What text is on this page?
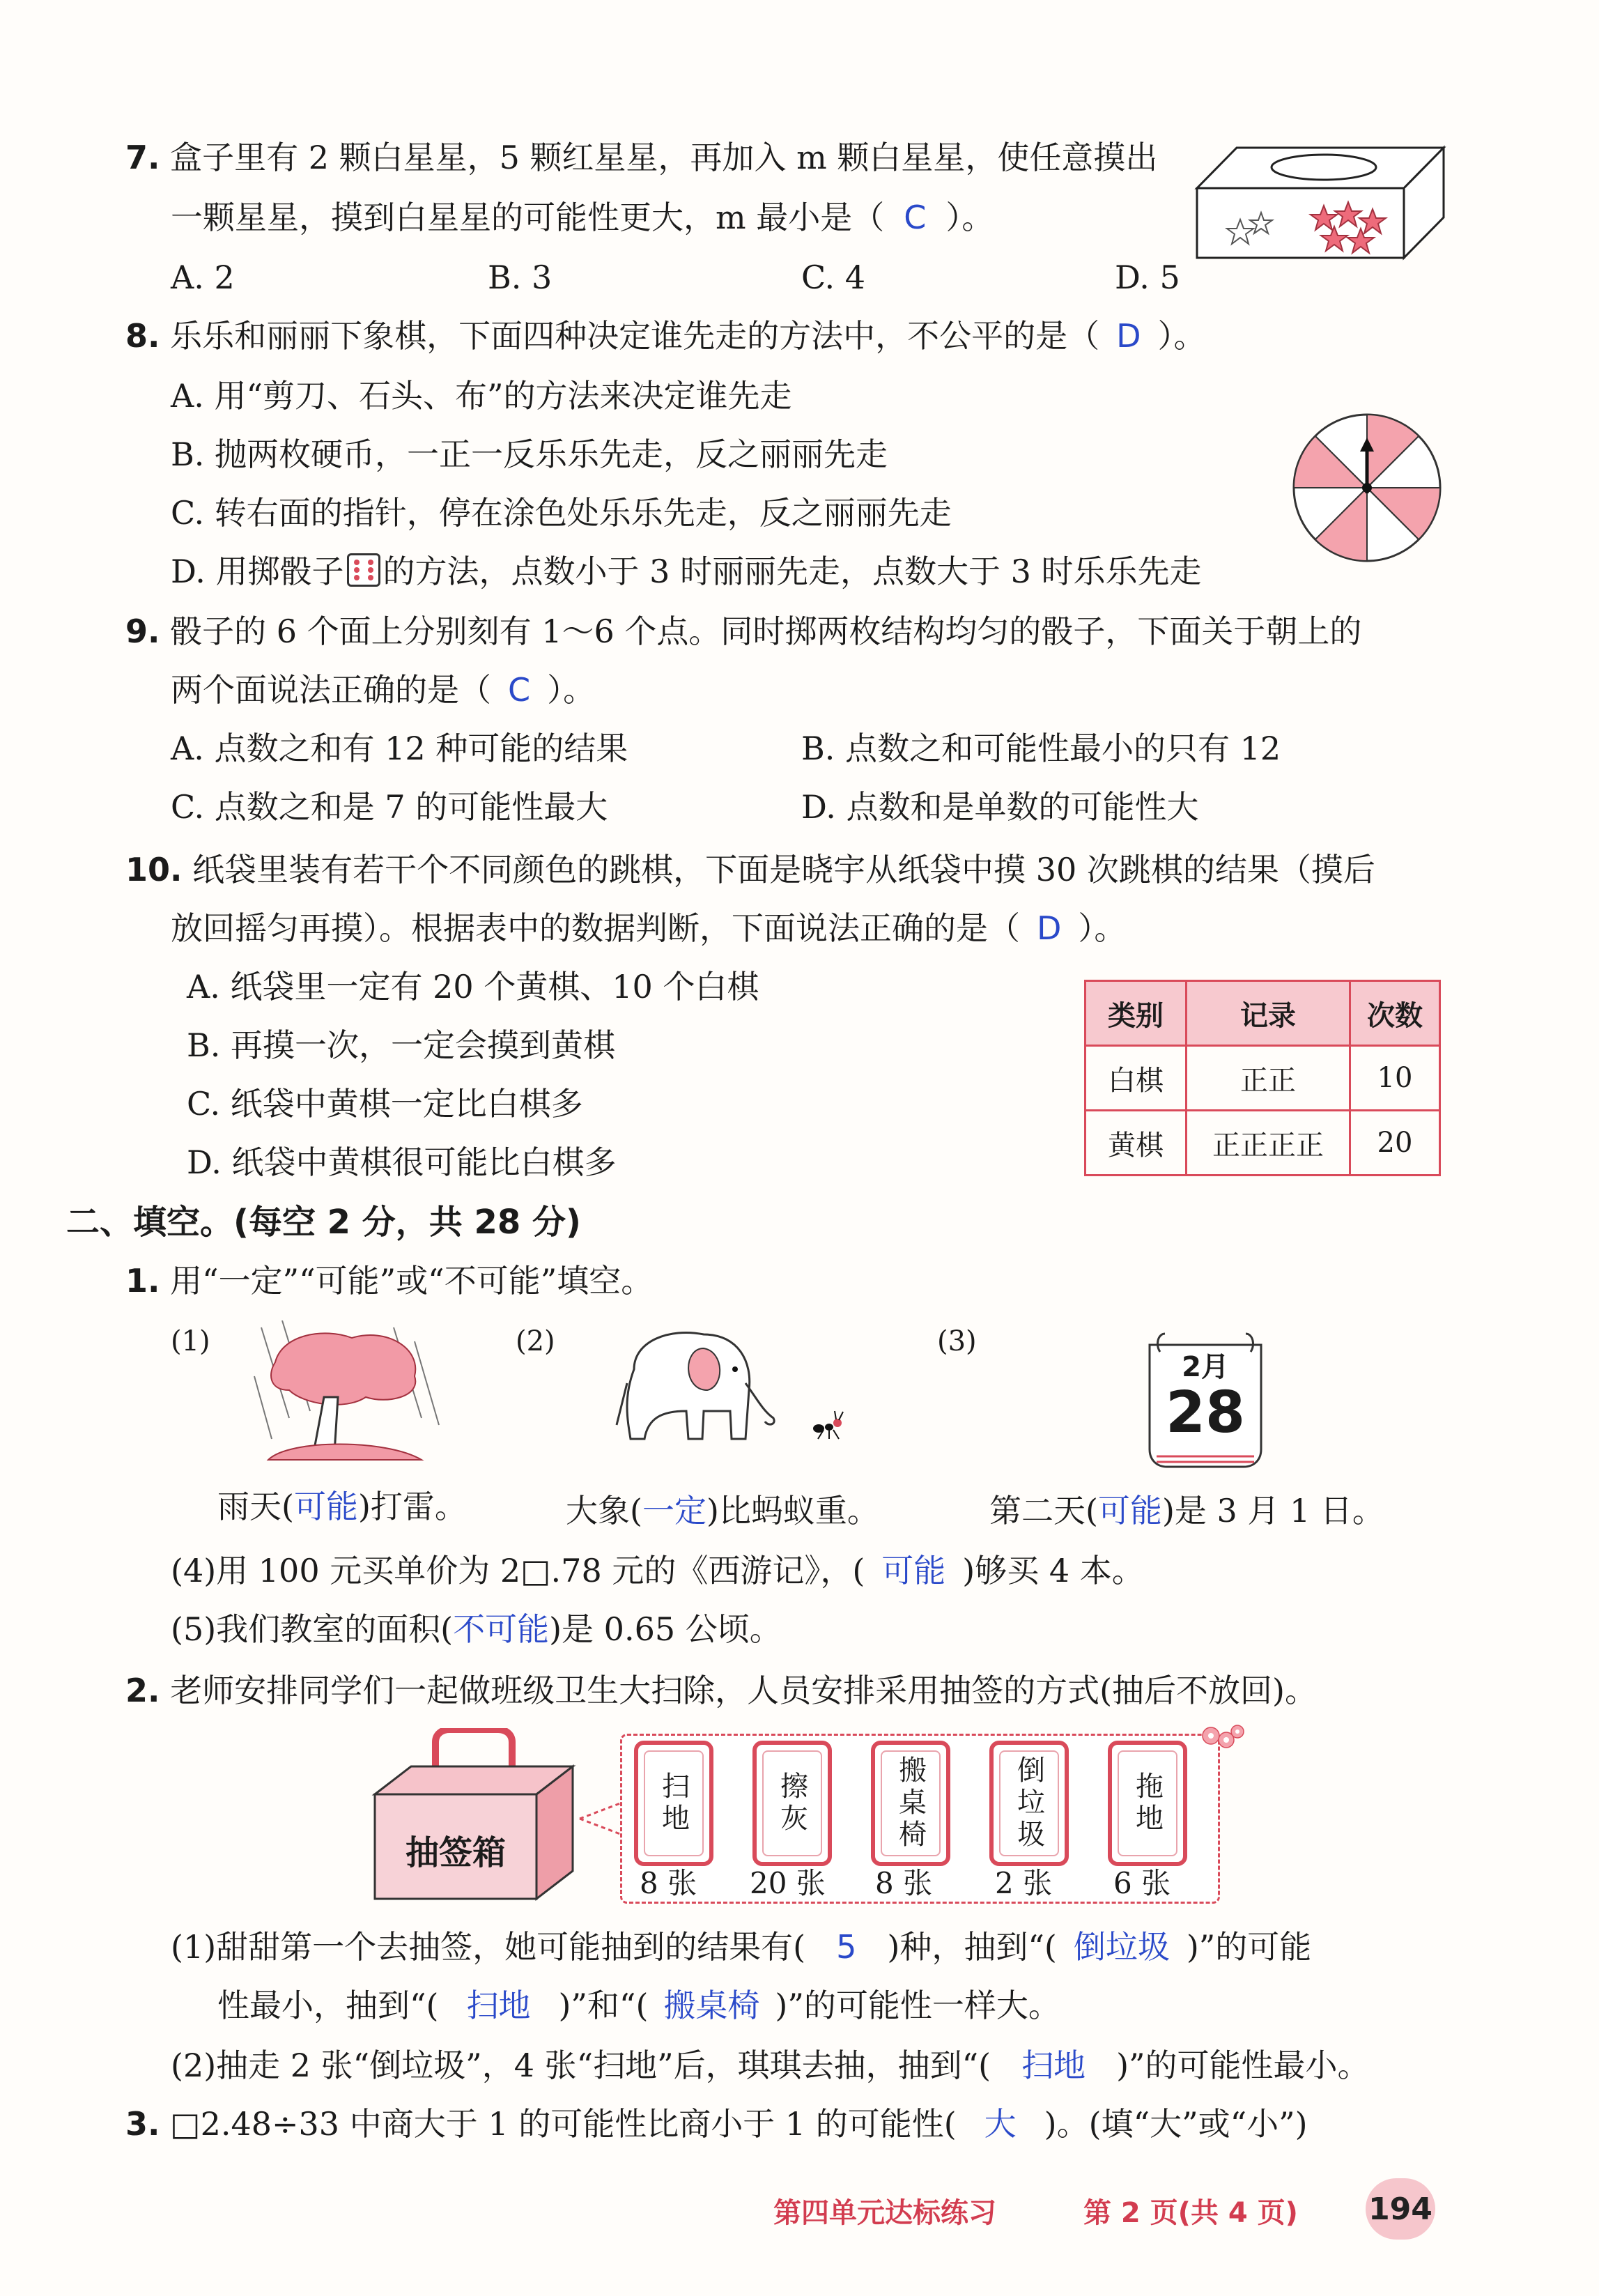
7. 盒子里有 2 颗白星星，5 颗红星星，再加入 m 颗白星星，使任意摸出
一颗星星，摸到白星星的可能性更大，m 最小是（ C ）。
A. 2	B. 3	C. 4	D. 5
8. 乐乐和丽丽下象棋，下面四种决定谁先走的方法中，不公平的是（ D ）。
A. 用“剪刀、石头、布”的方法来决定谁先走
B. 抛两枚硬币，一正一反乐乐先走，反之丽丽先走
C. 转右面的指针，停在涂色处乐乐先走，反之丽丽先走
D. 用掷骰子 的方法，点数小于 3 时丽丽先走，点数大于 3 时乐乐先走
9. 骰子的 6 个面上分别刻有 1～6 个点。同时掷两枚结构均匀的骰子，下面关于朝上的
两个面说法正确的是（ C ）。
A. 点数之和有 12 种可能的结果	B. 点数之和可能性最小的只有 12
C. 点数之和是 7 的可能性最大	D. 点数和是单数的可能性大
10. 纸袋里装有若干个不同颜色的跳棋，下面是晓宇从纸袋中摸 30 次跳棋的结果（摸后
放回摇匀再摸）。根据表中的数据判断，下面说法正确的是（ D ）。
A. 纸袋里一定有 20 个黄棋、10 个白棋
B. 再摸一次，一定会摸到黄棋
C. 纸袋中黄棋一定比白棋多
D. 纸袋中黄棋很可能比白棋多
类别	记录	次数
白棋	正正	10
黄棋	正正正正	20
二、填空。(每空 2 分，共 28 分)
1. 用“一定”“可能”或“不可能”填空。
(1)	(2)	(3)
2月
28
雨天(可能)打雷。	大象(一定)比蚂蚁重。	第二天(可能)是 3 月 1 日。
(4)用 100 元买单价为 2□.78 元的《西游记》，( 可能 )够买 4 本。
(5)我们教室的面积(不可能)是 0.65 公顷。
2. 老师安排同学们一起做班级卫生大扫除，人员安排采用抽签的方式(抽后不放回)。
抽签箱
扫地	擦灰	搬桌椅	倒垃圾	拖地
8 张 20 张 8 张 2 张 6 张
(1)甜甜第一个去抽签，她可能抽到的结果有( 5 )种，抽到“( 倒垃圾 )”的可能
性最小，抽到“( 扫地 )”和“( 搬桌椅 )”的可能性一样大。
(2)抽走 2 张“倒垃圾”，4 张“扫地”后，琪琪去抽，抽到“( 扫地 )”的可能性最小。
3. □2.48÷33 中商大于 1 的可能性比商小于 1 的可能性( 大 )。(填“大”或“小”)
第四单元达标练习	第 2 页(共 4 页) 194
